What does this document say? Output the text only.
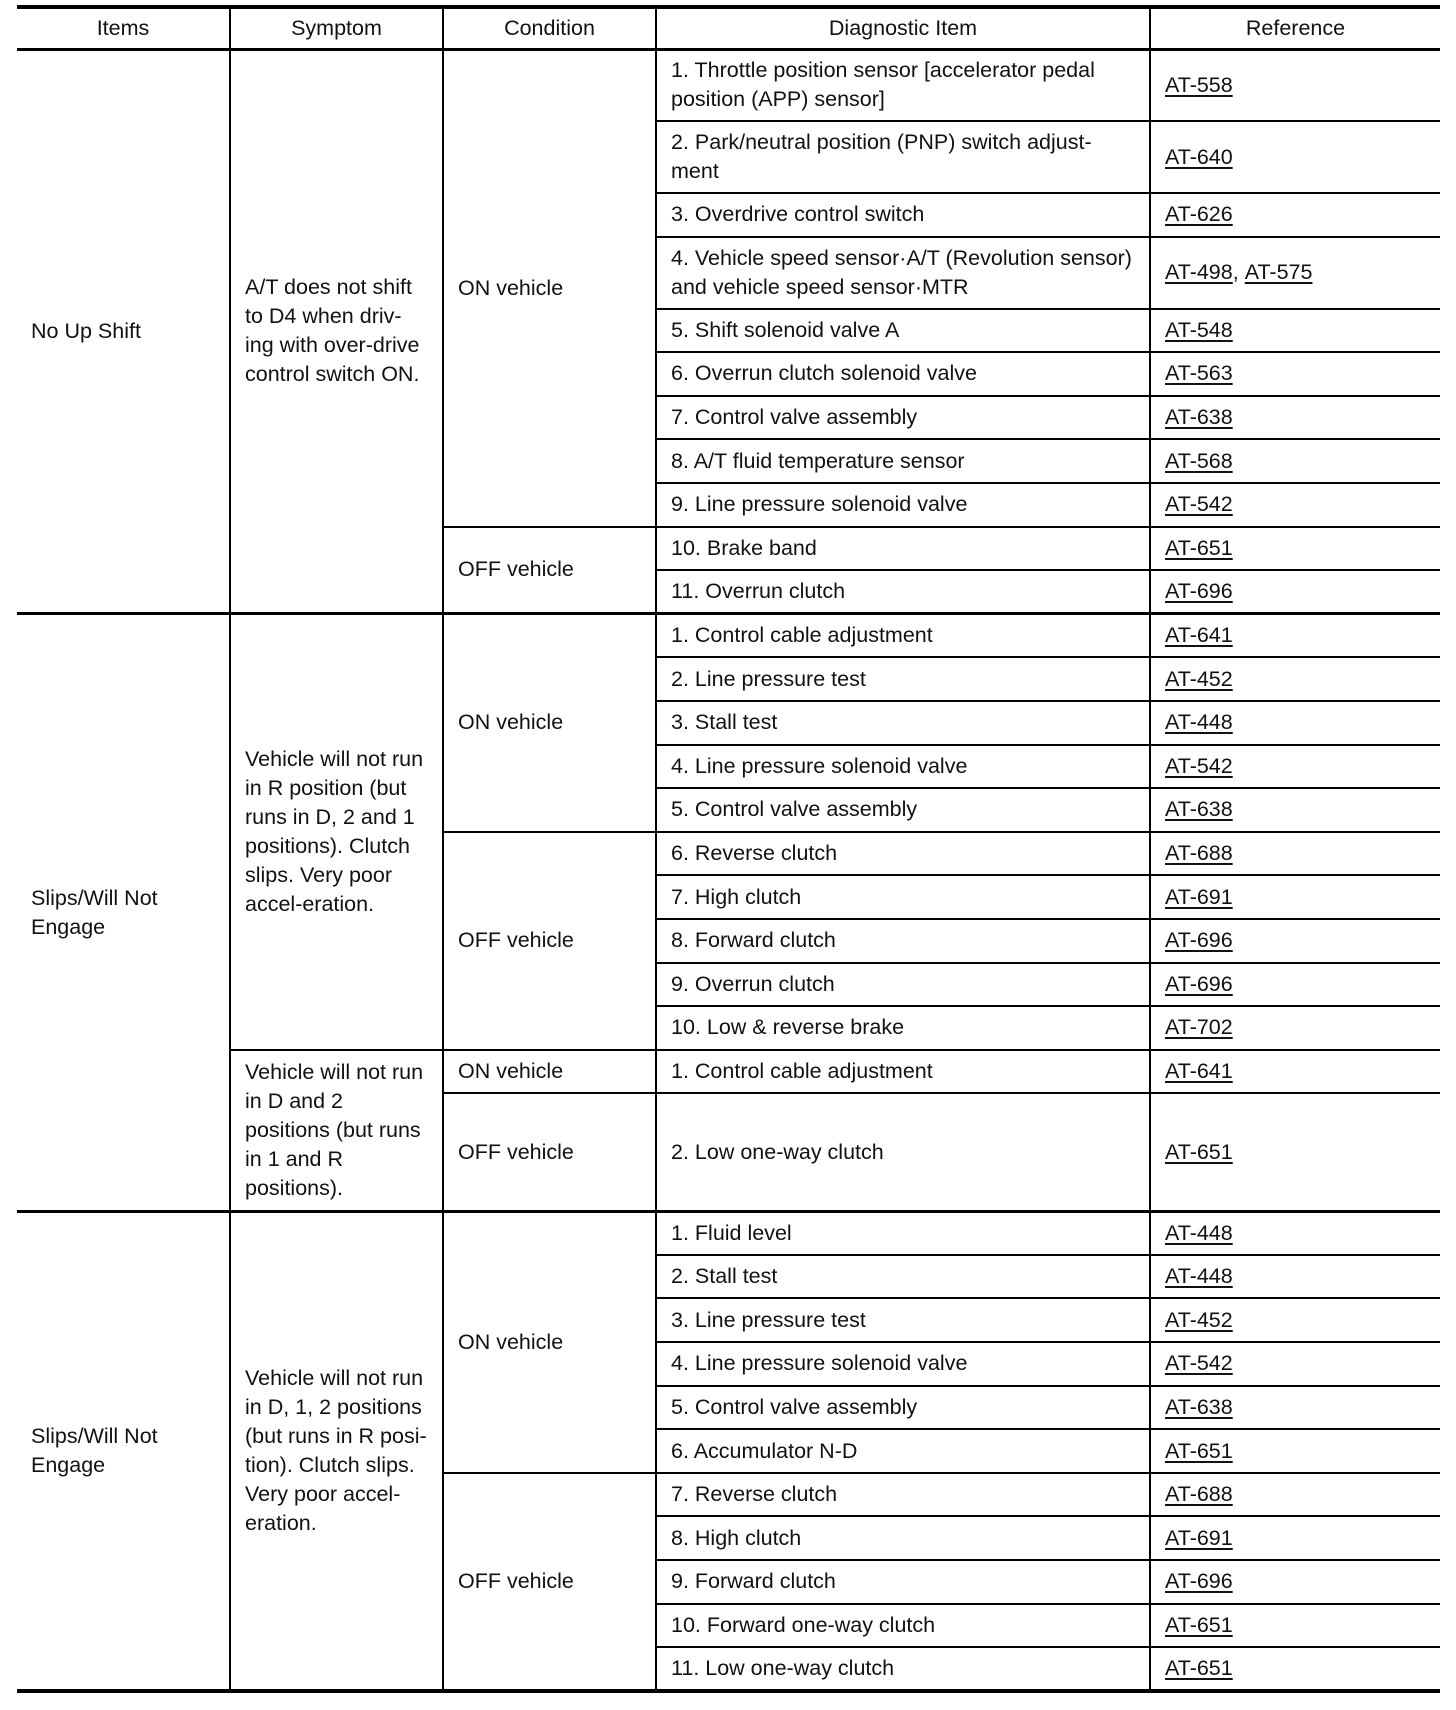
Items	Symptom	Condition	Diagnostic Item	Reference
No Up Shift	A/T does not shift to D4 when driv-ing with over-drive control switch ON.	ON vehicle	1. Throttle position sensor [accelerator pedal position (APP) sensor]	AT-558
			2. Park/neutral position (PNP) switch adjust-ment	AT-640
			3. Overdrive control switch	AT-626
			4. Vehicle speed sensor·A/T (Revolution sensor) and vehicle speed sensor·MTR	AT-498, AT-575
			5. Shift solenoid valve A	AT-548
			6. Overrun clutch solenoid valve	AT-563
			7. Control valve assembly	AT-638
			8. A/T fluid temperature sensor	AT-568
			9. Line pressure solenoid valve	AT-542
		OFF vehicle	10. Brake band	AT-651
			11. Overrun clutch	AT-696
Slips/Will Not Engage	Vehicle will not run in R position (but runs in D, 2 and 1 positions). Clutch slips. Very poor accel-eration.	ON vehicle	1. Control cable adjustment	AT-641
			2. Line pressure test	AT-452
			3. Stall test	AT-448
			4. Line pressure solenoid valve	AT-542
			5. Control valve assembly	AT-638
		OFF vehicle	6. Reverse clutch	AT-688
			7. High clutch	AT-691
			8. Forward clutch	AT-696
			9. Overrun clutch	AT-696
			10. Low & reverse brake	AT-702
	Vehicle will not run in D and 2 positions (but runs in 1 and R positions).	ON vehicle	1. Control cable adjustment	AT-641
		OFF vehicle	2. Low one-way clutch	AT-651
Slips/Will Not Engage	Vehicle will not run in D, 1, 2 positions (but runs in R posi-tion). Clutch slips. Very poor accel-eration.	ON vehicle	1. Fluid level	AT-448
			2. Stall test	AT-448
			3. Line pressure test	AT-452
			4. Line pressure solenoid valve	AT-542
			5. Control valve assembly	AT-638
			6. Accumulator N-D	AT-651
		OFF vehicle	7. Reverse clutch	AT-688
			8. High clutch	AT-691
			9. Forward clutch	AT-696
			10. Forward one-way clutch	AT-651
			11. Low one-way clutch	AT-651
